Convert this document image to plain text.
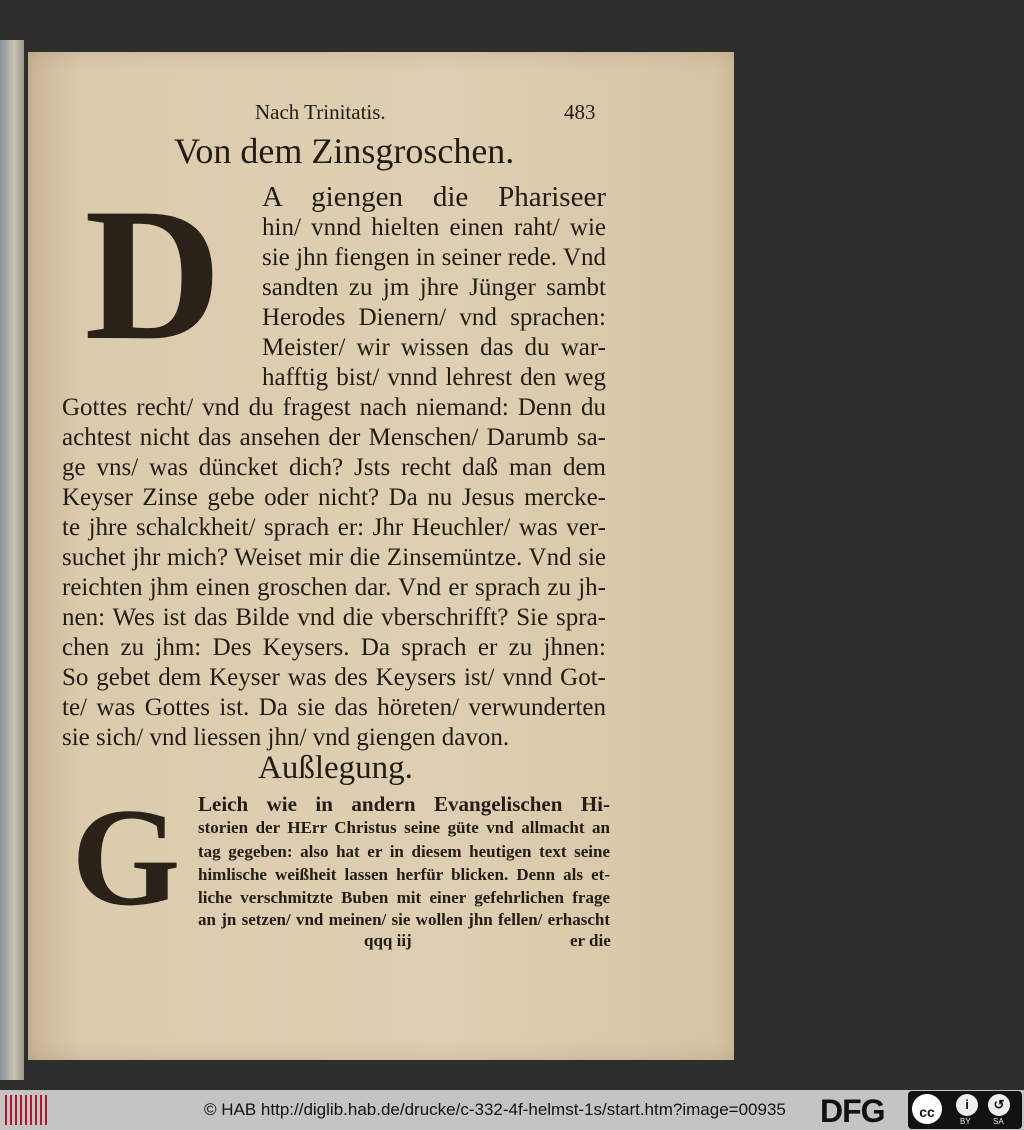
Nach Trinitatis.	483
Von dem Zinsgroschen.
D	A giengen die Phariseer
hin/ vnnd hielten einen raht/ wie
sie jhn fiengen in seiner rede. Vnd
sandten zu jm jhre Jünger sambt
Herodes Dienern/ vnd sprachen:
Meister/ wir wissen das du war-
hafftig bist/ vnnd lehrest den weg
Gottes recht/ vnd du fragest nach niemand: Denn du
achtest nicht das ansehen der Menschen/ Darumb sa-
ge vns/ was düncket dich? Jsts recht daß man dem
Keyser Zinse gebe oder nicht? Da nu Jesus mercke-
te jhre schalckheit/ sprach er: Jhr Heuchler/ was ver-
suchet jhr mich? Weiset mir die Zinsemüntze. Vnd sie
reichten jhm einen groschen dar. Vnd er sprach zu jh-
nen: Wes ist das Bilde vnd die vberschrifft? Sie spra-
chen zu jhm: Des Keysers. Da sprach er zu jhnen:
So gebet dem Keyser was des Keysers ist/ vnnd Got-
te/ was Gottes ist. Da sie das höreten/ verwunderten
sie sich/ vnd liessen jhn/ vnd giengen davon.
Außlegung.
G Leich wie in andern Evangelischen Hi-
storien der HErr Christus seine güte vnd allmacht an
tag gegeben: also hat er in diesem heutigen text seine
himlische weißheit lassen herfür blicken. Denn als et-
liche verschmitzte Buben mit einer gefehrlichen frage
an jn setzen/ vnd meinen/ sie wollen jhn fellen/ erhascht
qqq iij	er die
© HAB http://diglib.hab.de/drucke/c-332-4f-helmst-1s/start.htm?image=00935 DFG	cc	i	↺
BY	SA
